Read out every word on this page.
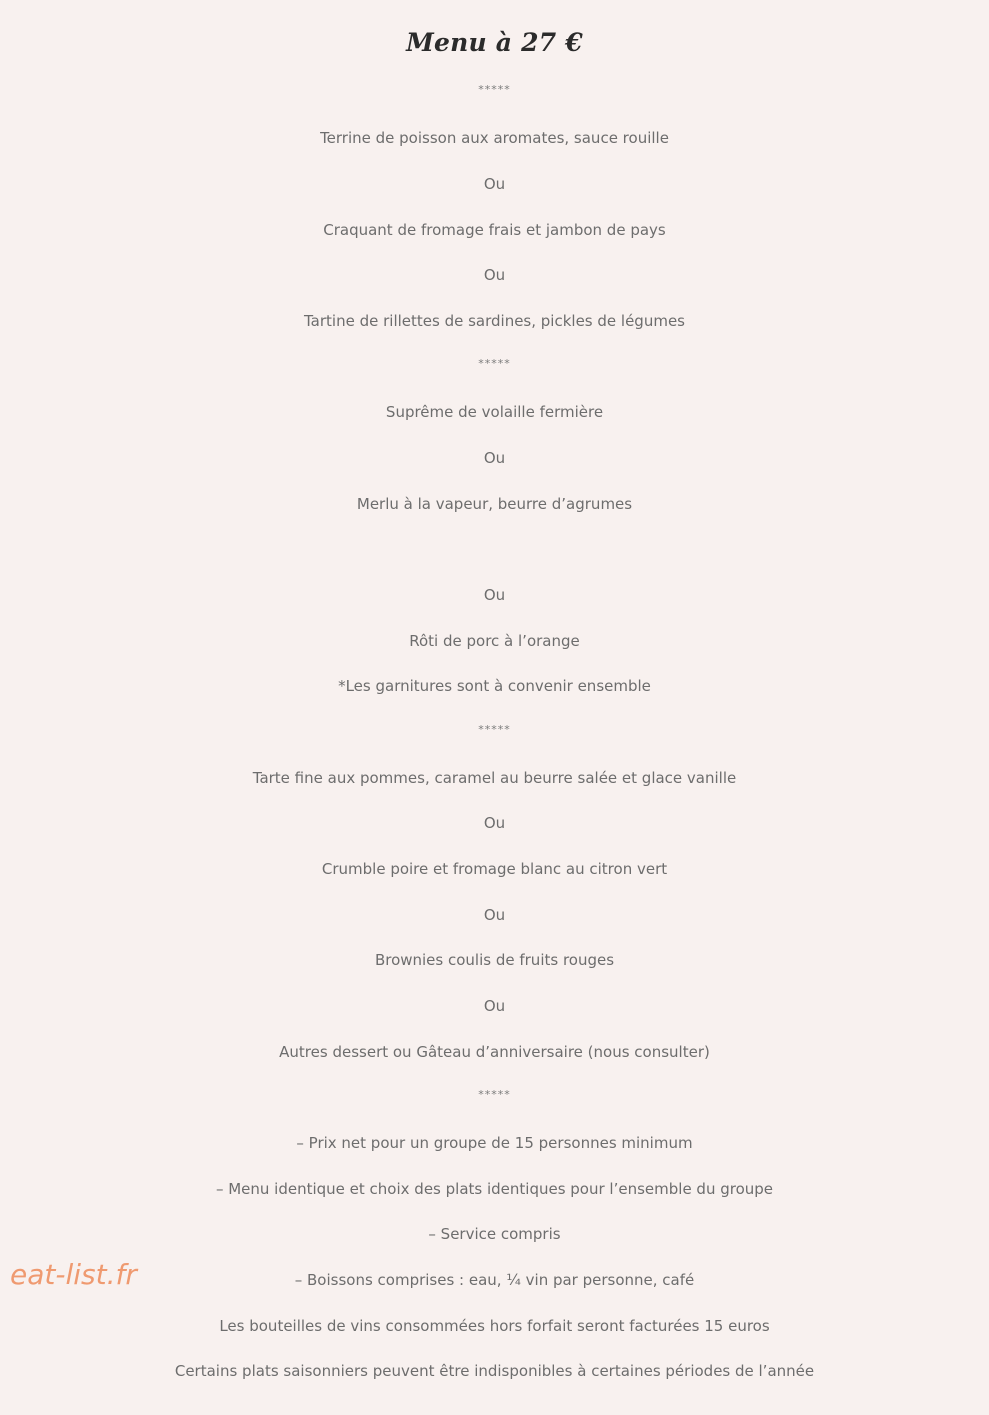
Menu à 27 €
*****
Terrine de poisson aux aromates, sauce rouille
Ou
Craquant de fromage frais et jambon de pays
Ou
Tartine de rillettes de sardines, pickles de légumes
*****
Suprême de volaille fermière
Ou
Merlu à la vapeur, beurre d’agrumes
Ou
Rôti de porc à l’orange
*Les garnitures sont à convenir ensemble
*****
Tarte fine aux pommes, caramel au beurre salée et glace vanille
Ou
Crumble poire et fromage blanc au citron vert
Ou
Brownies coulis de fruits rouges
Ou
Autres dessert ou Gâteau d’anniversaire (nous consulter)
*****
– Prix net pour un groupe de 15 personnes minimum
– Menu identique et choix des plats identiques pour l’ensemble du groupe
– Service compris
– Boissons comprises : eau, ¼ vin par personne, café
Les bouteilles de vins consommées hors forfait seront facturées 15 euros
Certains plats saisonniers peuvent être indisponibles à certaines périodes de l’année
eat-list.fr
